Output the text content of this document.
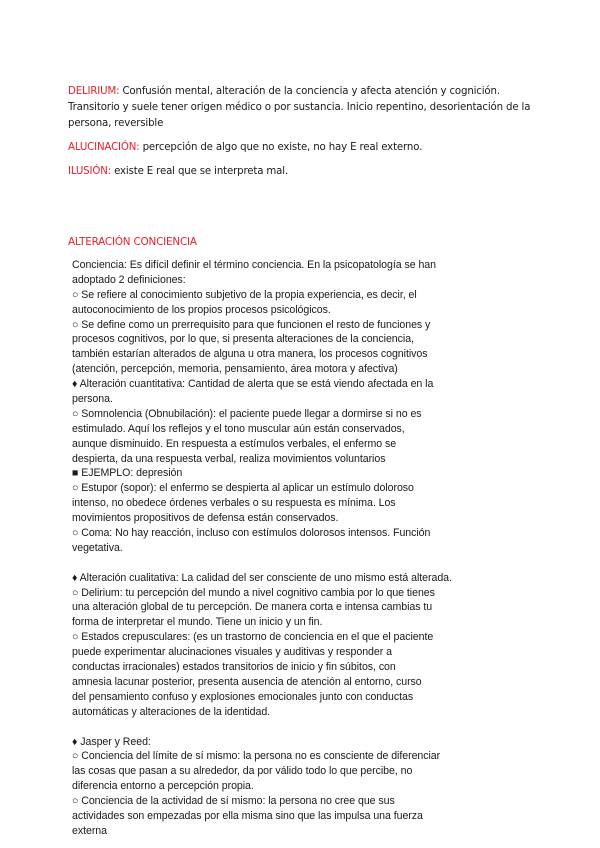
DELIRIUM: Confusión mental, alteración de la conciencia y afecta atención y cognición. Transitorio y suele tener origen médico o por sustancia. Inicio repentino, desorientación de la persona, reversible

ALUCINACIÓN: percepción de algo que no existe, no hay E real externo.

ILUSIÓN: existe E real que se interpreta mal.

ALTERACIÓN CONCIENCIA
Conciencia: Es difícil definir el término conciencia. En la psicopatología se han
adoptado 2 definiciones:
○ Se refiere al conocimiento subjetivo de la propia experiencia, es decir, el
autoconocimiento de los propios procesos psicológicos.
○ Se define como un prerrequisito para que funcionen el resto de funciones y
procesos cognitivos, por lo que, si presenta alteraciones de la conciencia,
también estarían alterados de alguna u otra manera, los procesos cognitivos
(atención, percepción, memoria, pensamiento, área motora y afectiva)
♦ Alteración cuantitativa: Cantidad de alerta que se está viendo afectada en la
persona.
○ Somnolencia (Obnubilación): el paciente puede llegar a dormirse si no es
estimulado. Aquí los reflejos y el tono muscular aún están conservados,
aunque disminuido. En respuesta a estímulos verbales, el enfermo se
despierta, da una respuesta verbal, realiza movimientos voluntarios
■ EJEMPLO: depresión
○ Estupor (sopor): el enfermo se despierta al aplicar un estímulo doloroso
intenso, no obedece órdenes verbales o su respuesta es mínima. Los
movimientos propositivos de defensa están conservados.
○ Coma: No hay reacción, incluso con estímulos dolorosos intensos. Función
vegetativa.
♦ Alteración cualitativa: La calidad del ser consciente de uno mismo está alterada.
○ Delirium: tu percepción del mundo a nivel cognitivo cambia por lo que tienes
una alteración global de tu percepción. De manera corta e intensa cambias tu
forma de interpretar el mundo. Tiene un inicio y un fin.
○ Estados crepusculares: (es un trastorno de conciencia en el que el paciente
puede experimentar alucinaciones visuales y auditivas y responder a
conductas irracionales) estados transitorios de inicio y fin súbitos, con
amnesia lacunar posterior, presenta ausencia de atención al entorno, curso
del pensamiento confuso y explosiones emocionales junto con conductas
automáticas y alteraciones de la identidad.
♦ Jasper y Reed:
○ Conciencia del límite de sí mismo: la persona no es consciente de diferenciar
las cosas que pasan a su alrededor, da por válido todo lo que percibe, no
diferencia entorno a percepción propia.
○ Conciencia de la actividad de sí mismo: la persona no cree que sus
actividades son empezadas por ella misma sino que las impulsa una fuerza
externa
